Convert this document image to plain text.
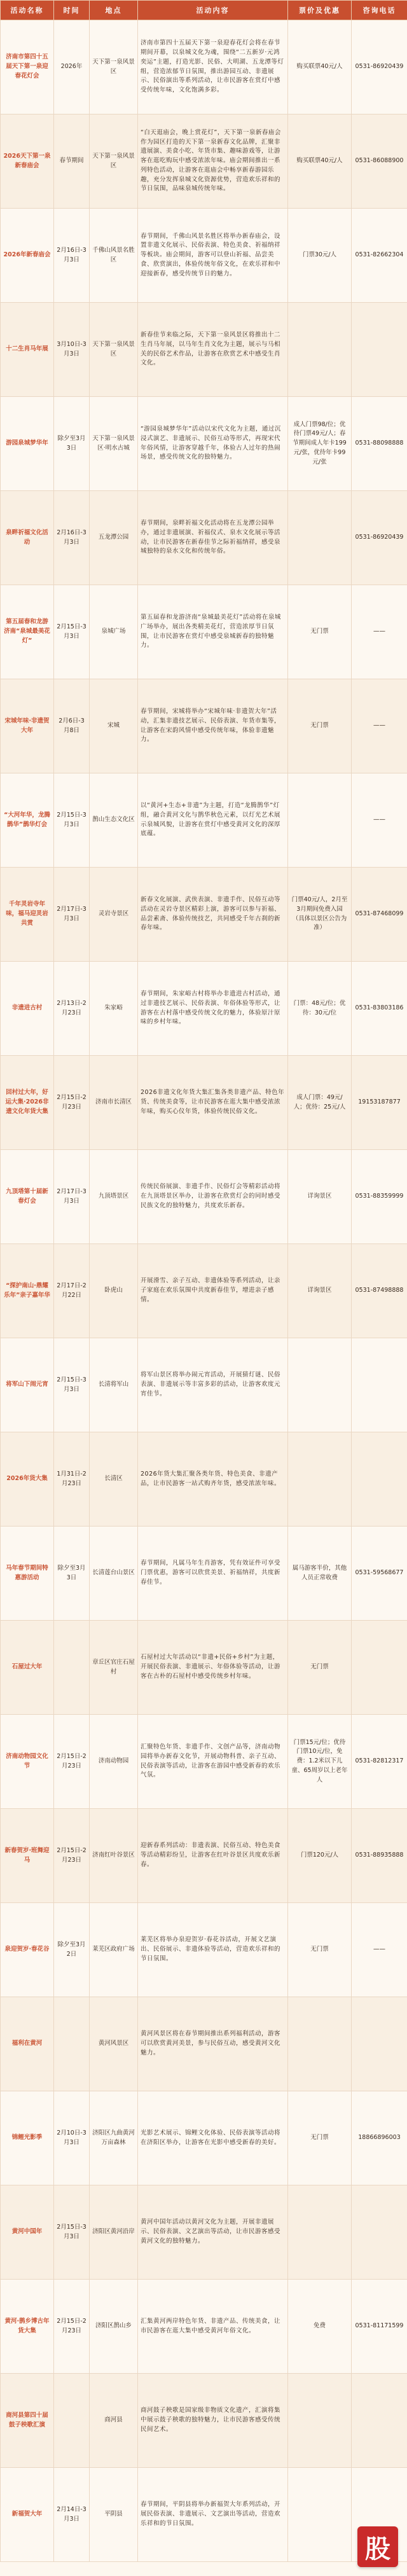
活动名称	时间	地点	活动内容	票价及优惠	咨询电话
济南市第四十五届天下第一泉迎春花灯会	2026年	天下第一泉风景区	济南市第四十五届天下第一泉迎春花灯会将在春节期间开幕，以泉城文化为魂，围绕“二五新岁·元鸿奕运”主题，打造光影、民俗、大明湖、五龙潭等灯组，营造浓郁节日氛围，推出游园互动、非遗展示、民俗演出等系列活动，让市民游客在赏灯中感受传统年味，文化饱满多彩。	购买联票40元/人	0531-86920439
2026天下第一泉新春庙会	春节期间	天下第一泉风景区	“白天逛庙会，晚上赏花灯”，天下第一泉新春庙会作为园区打造的天下第一泉新春文化品牌，汇聚非遗展演、美食小吃、年货市集、趣味游戏等，让游客在逛吃购玩中感受浓浓年味。庙会期间推出一系列特色活动，让游客在逛庙会中畅享新春游园乐趣，充分发挥泉城文化资源优势，营造欢乐祥和的节日氛围，品味泉城传统年味。	购买联票40元/人	0531-86088900
2026年新春庙会	2月16日-3月3日	千佛山风景名胜区	春节期间，千佛山风景名胜区将举办新春庙会，设置非遗文化展示、民俗表演、特色美食、祈福纳祥等板块。庙会期间，游客可以登山祈福、品尝美食、欣赏演出，体验传统年俗文化，在欢乐祥和中迎接新春，感受传统节日的魅力。	门票30元/人	0531-82662304
十二生肖马年展	3月10日-3月3日	天下第一泉风景区	新春佳节来临之际，天下第一泉风景区将推出十二生肖马年展，以马年生肖文化为主题，展示与马相关的民俗艺术作品，让游客在欣赏艺术中感受生肖文化。		
游园泉城梦华年	除夕至3月3日	天下第一泉风景区·明水古城	“游园泉城梦华年”活动以宋代文化为主题，通过沉浸式演艺、非遗展示、民俗互动等形式，再现宋代年俗风情，让游客穿越千年，体验古人过年的热闹场景，感受传统文化的独特魅力。	成人门票98/位；优待门票49元/人；春节期间成人年卡199元/张，优待年卡99元/张	0531-88098888
泉畔祈福文化活动	2月16日-3月3日	五龙潭公园	春节期间，泉畔祈福文化活动将在五龙潭公园举办，通过非遗展演、祈福仪式、泉水文化展示等活动，让市民游客在新春佳节之际祈福纳祥，感受泉城独特的泉水文化和传统年俗。		0531-86920439
第五届春和龙游济南“泉城最美花灯”	2月15日-3月3日	泉城广场	第五届春和龙游济南“泉城最美花灯”活动将在泉城广场举办，展出各类精美花灯，营造浓厚节日氛围，让市民游客在赏灯中感受泉城新春的独特魅力。	无门票	——
宋城年味·非遗贺大年	2月6日-3月8日	宋城	春节期间，宋城将举办“宋城年味·非遗贺大年”活动，汇集非遗技艺展示、民俗表演、年货市集等，让游客在宋韵风情中感受传统年味，体验非遗魅力。	无门票	——
“大河年华，龙腾鹊华”鹊华灯会	2月15日-3月3日	鹊山生态文化区	以“黄河+生态+非遗”为主题，打造“龙腾鹊华”灯组，融合黄河文化与鹊华秋色元素，以灯光艺术展示泉城风貌，让游客在赏灯中感受黄河文化的深厚底蕴。		——
千年灵岩寺年味，福马迎灵岩共赏	2月17日-3月3日	灵岩寺景区	新春文化展演、武侠表演、非遗手作、民俗互动等活动在灵岩寺景区精彩上演，游客可以参与祈福、品尝素斋、体验传统技艺，共同感受千年古刹的新春年味。	门票40元/人，2月至3月期间免费入园（具体以景区公告为准）	0531-87468099
非遗进古村	2月13日-2月23日	朱家峪	春节期间，朱家峪古村将举办非遗进古村活动，通过非遗技艺展示、民俗表演、年俗体验等形式，让游客在古村落中感受传统文化的魅力，体验原汁原味的乡村年味。	门票：48元/位；优待：30元/位	0531-83803186
回村过大年，好运大集·2026非遗文化年货大集	2月15日-2月23日	济南市长清区	2026非遗文化年货大集汇集各类非遗产品、特色年货、传统美食等，让市民游客在逛大集中感受浓浓年味，购买心仪年货，体验传统民俗文化。	成人门票：49元/人；优待：25元/人	19153187877
九顶塔第十届新春灯会	2月17日-3月3日	九顶塔景区	传统民俗展演、非遗手作、民俗灯会等精彩活动将在九顶塔景区举办，让游客在欣赏灯会的同时感受民族文化的独特魅力，共度欢乐新春。	详询景区	0531-88359999
“探护南山·鼎耀乐年”亲子嘉年华	2月17日-2月22日	卧虎山	开展滑雪、亲子互动、非遗体验等系列活动，让亲子家庭在欢乐氛围中共度新春佳节，增进亲子感情。	详询景区	0531-87498888
将军山下闹元宵	2月15日-3月3日	长清将军山	将军山景区将举办闹元宵活动，开展猜灯谜、民俗表演、非遗展示等丰富多彩的活动，让游客欢度元宵佳节。		
2026年货大集	1月31日-2月23日	长清区	2026年货大集汇聚各类年货、特色美食、非遗产品，让市民游客一站式购齐年货，感受浓浓年味。		
马年春节期间特惠游活动	除夕至3月3日	长清莲台山景区	春节期间，凡属马年生肖游客，凭有效证件可享受门票优惠，游客可以欣赏美景、祈福纳祥，共度新春佳节。	属马游客半价，其他人员正常收费	0531-59568677
石屋过大年		章丘区官庄石屋村	石屋村过大年活动以“非遗+民俗+乡村”为主题，开展民俗表演、非遗展示、年俗体验等活动，让游客在古朴的石屋村中感受传统乡村年味。	无门票	
济南动物园文化节	2月15日-2月23日	济南动物园	汇聚特色年货、非遗手作、文创产品等，济南动物园将举办新春文化节，开展动物科普、亲子互动、民俗表演等活动，让游客在游园中感受新春的欢乐气氛。	门票15元/位；优待门票10元/位，免费：1.2米以下儿童、65周岁以上老年人	0531-82812317
新春贺岁·班舞迎马	2月15日-2月23日	济南红叶谷景区	迎新春系列活动：非遗表演、民俗互动、特色美食等活动精彩纷呈，让游客在红叶谷景区共度欢乐新春。	门票120元/人	0531-88935888
泉迎贺岁·春花谷	除夕至3月2日	莱芜区政府广场	莱芜区将举办泉迎贺岁·春花谷活动，开展文艺演出、民俗展示、非遗体验等活动，营造欢乐祥和的节日氛围。	无门票	——
福利在黄河		黄河风景区	黄河风景区将在春节期间推出系列福利活动，游客可以欣赏黄河美景，参与民俗互动，感受黄河文化魅力。		
锦鲤光影季	2月10日-3月3日	济阳区九曲黄河万亩森林	光影艺术展示、锦鲤文化体验、民俗表演等活动将在济阳区举办，让游客在光影中感受新春的美好。	无门票	18866896003
黄河中国年	2月15日-3月3日	济阳区黄河沿岸	黄河中国年活动以黄河文化为主题，开展非遗展示、民俗表演、文艺演出等活动，让市民游客感受黄河文化的独特魅力。		
黄河·鹊乡博古年货大集	2月15日-2月23日	济阳区鹊山乡	汇集黄河两岸特色年货、非遗产品、传统美食，让市民游客在逛大集中感受黄河年俗文化。	免费	0531-81171599
商河县第四十届鼓子秧歌汇演		商河县	商河鼓子秧歌是国家级非物质文化遗产，汇演将集中展示鼓子秧歌的独特魅力，让市民游客感受传统民间艺术。		
新福贺大年	2月14日-3月3日	平阴县	春节期间，平阴县将举办新福贺大年系列活动，开展民俗表演、非遗展示、文艺演出等活动，营造欢乐祥和的节日氛围。		
股
